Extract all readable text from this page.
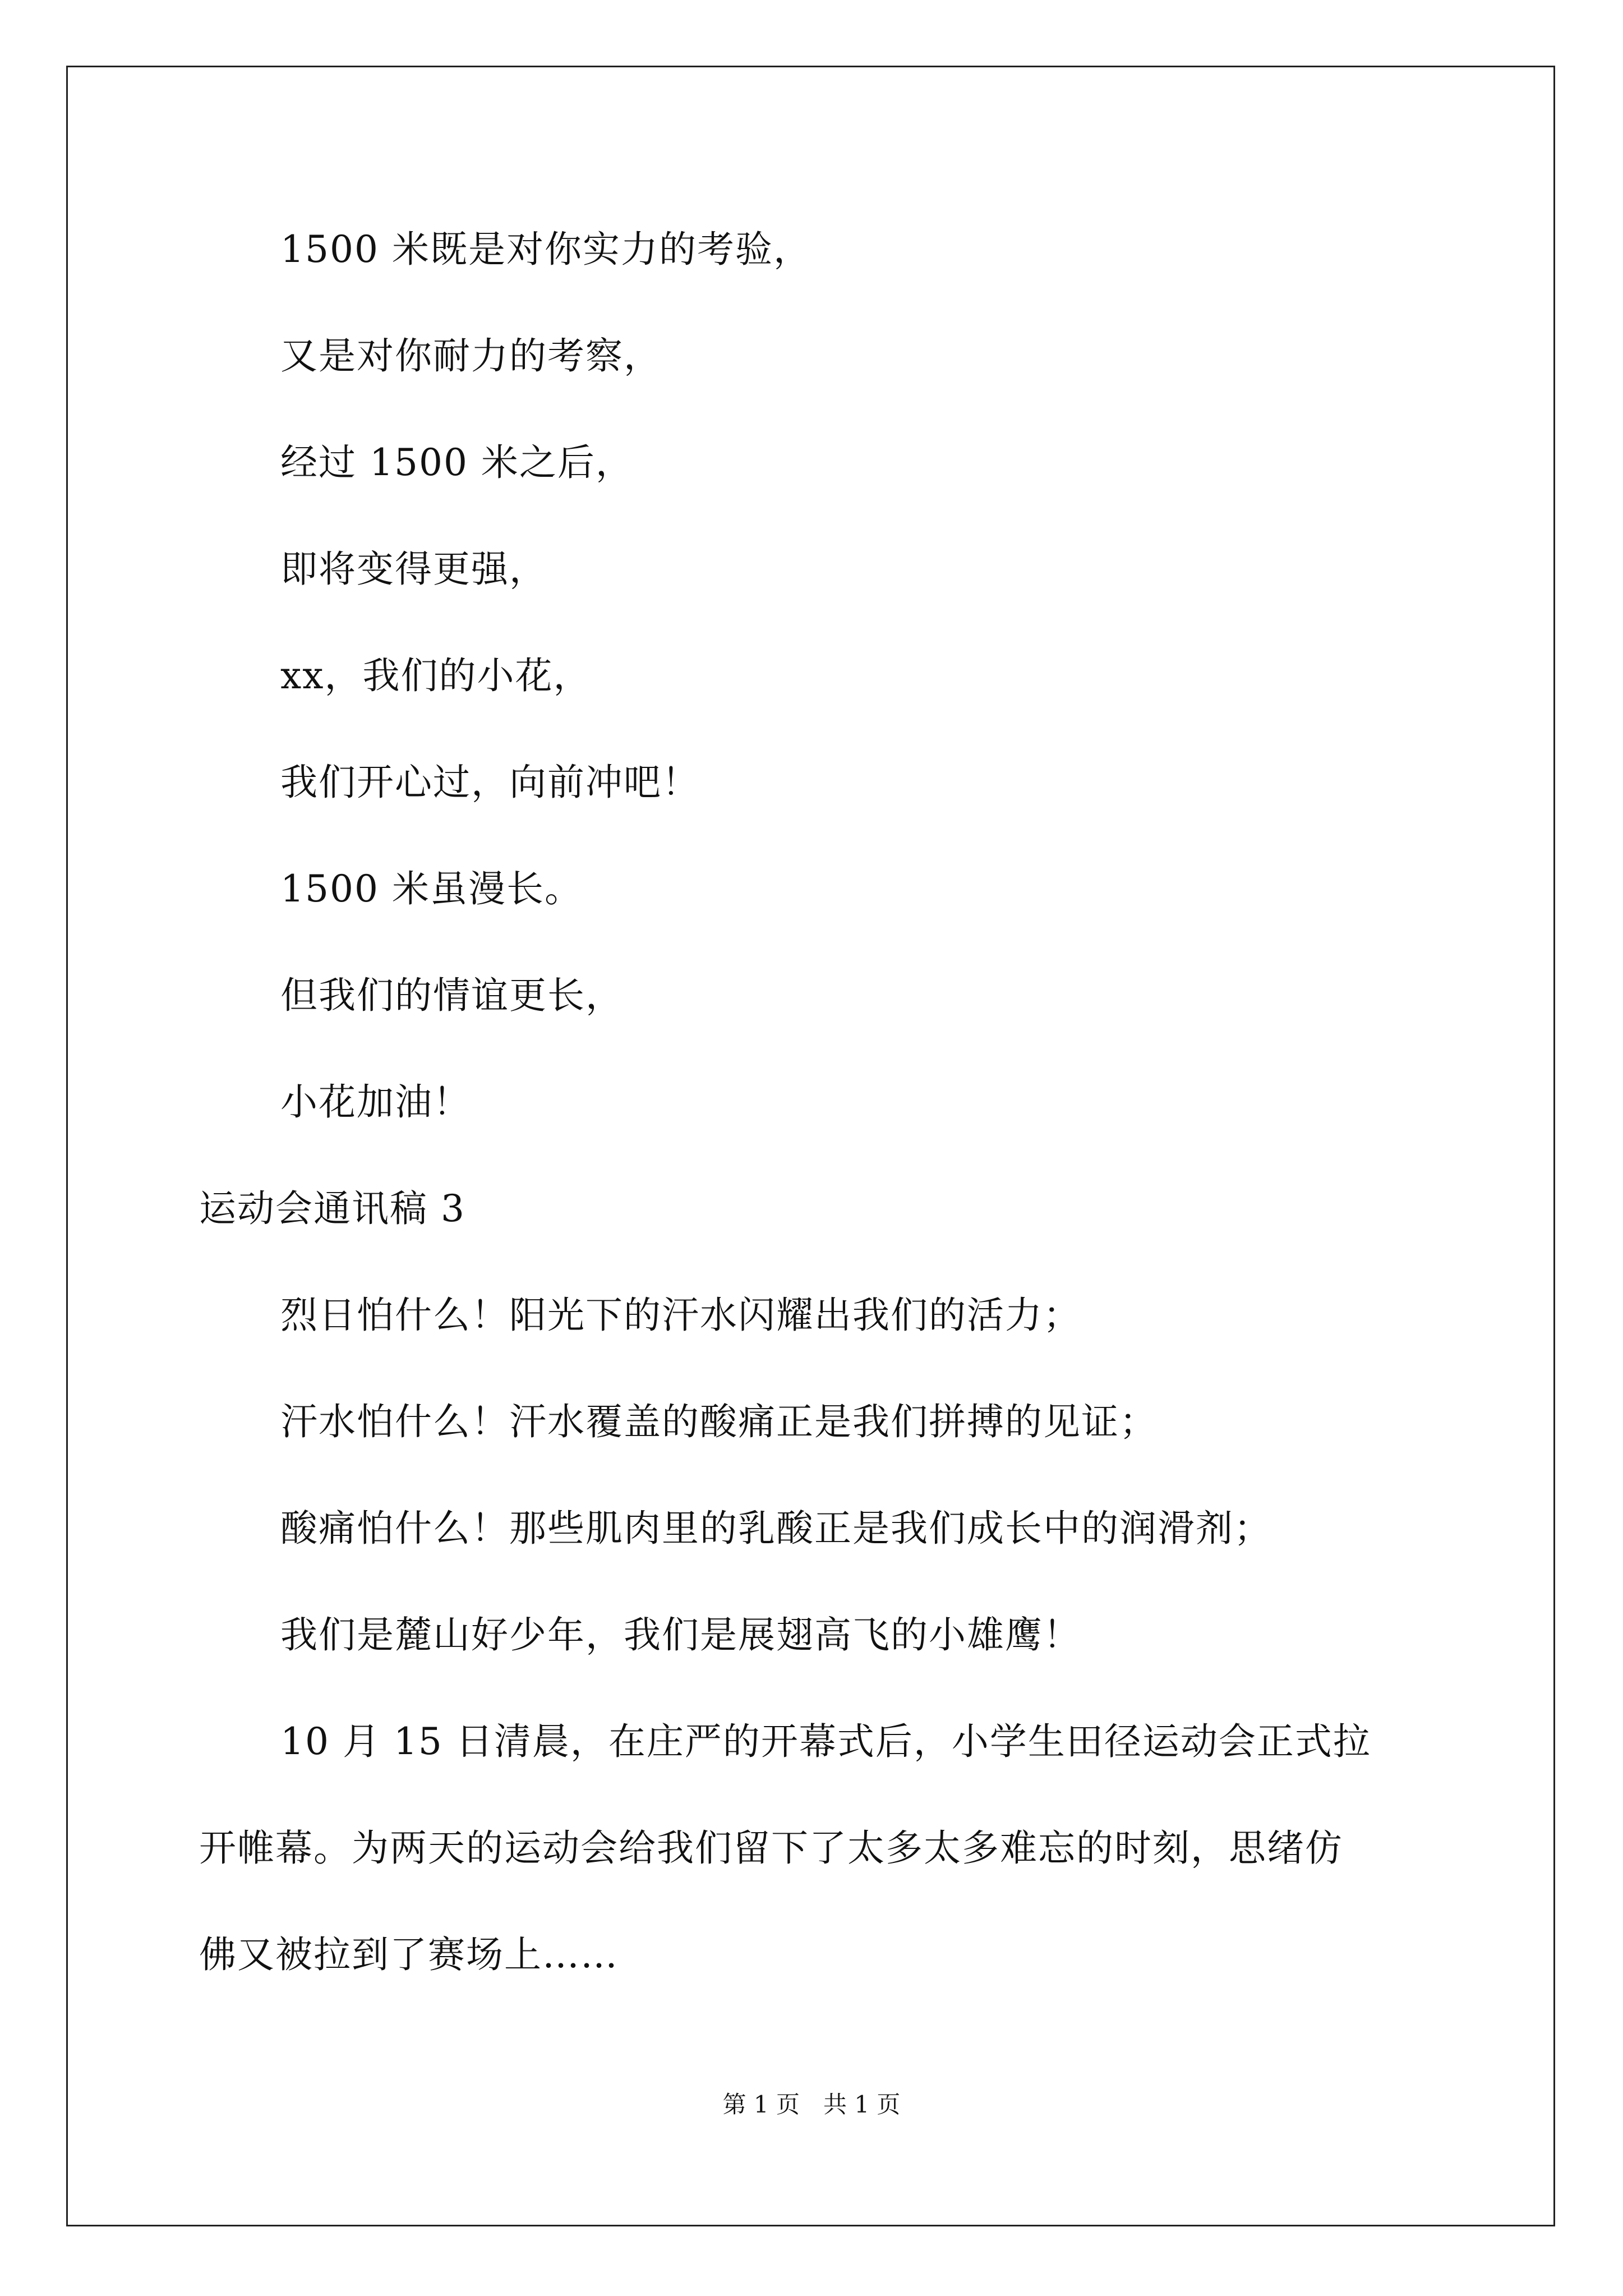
1500 米既是对你实力的考验，
又是对你耐力的考察，
经过 1500 米之后，
即将变得更强，
xx，我们的小花，
我们开心过，向前冲吧！
1500 米虽漫长。
但我们的情谊更长，
小花加油！
运动会通讯稿 3
烈日怕什么！阳光下的汗水闪耀出我们的活力；
汗水怕什么！汗水覆盖的酸痛正是我们拼搏的见证；
酸痛怕什么！那些肌肉里的乳酸正是我们成长中的润滑剂；
我们是麓山好少年，我们是展翅高飞的小雄鹰！
10 月 15 日清晨，在庄严的开幕式后，小学生田径运动会正式拉
开帷幕。为两天的运动会给我们留下了太多太多难忘的时刻，思绪仿
佛又被拉到了赛场上……
第 1 页　共 1 页
